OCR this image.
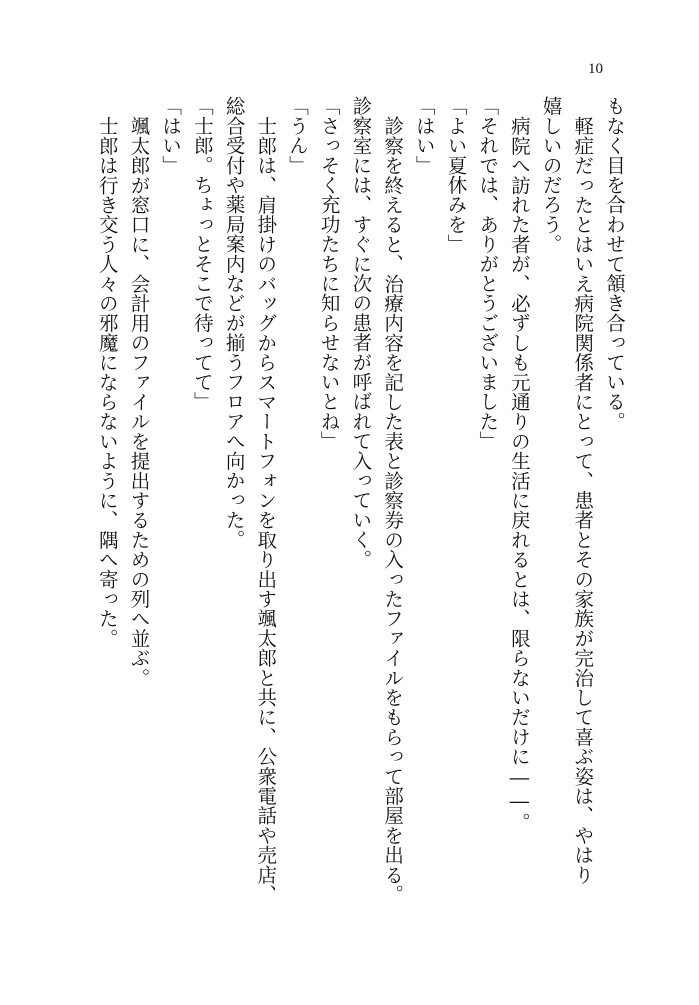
10
もなく目を合わせて頷き合っている。
軽症だったとはいえ病院関係者にとって、患者とその家族が完治して喜ぶ姿は、やはり
嬉しいのだろう。
病院へ訪れた者が、必ずしも元通りの生活に戻れるとは、限らないだけに――。
「それでは、ありがとうございました」
「よい夏休みを」
「はい」
診察を終えると、治療内容を記した表と診察券の入ったファイルをもらって部屋を出る。
診察室には、すぐに次の患者が呼ばれて入っていく。
「さっそく充功たちに知らせないとね」
「うん」
士郎は、肩掛けのバッグからスマートフォンを取り出す颯太郎と共に、公衆電話や売店、
総合受付や薬局案内などが揃うフロアへ向かった。
「士郎。ちょっとそこで待ってて」
「はい」
颯太郎が窓口に、会計用のファイルを提出するための列へ並ぶ。
士郎は行き交う人々の邪魔にならないように、隅へ寄った。
